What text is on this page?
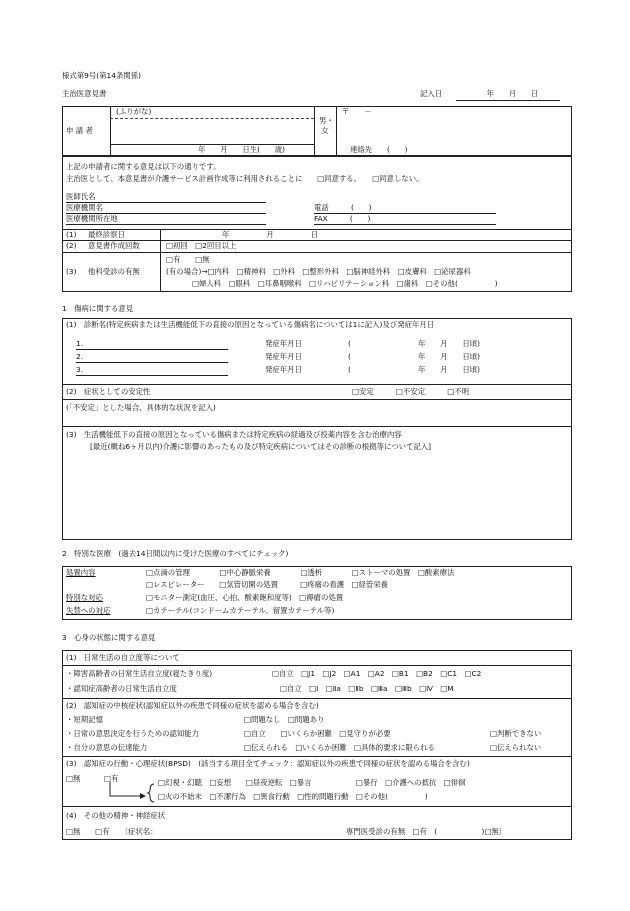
様式第9号(第14条関係)
主治医意見書	記入日　　　　　　年　　月　　日
(ふりがな)
申 請 者
年　　月　　日生(　　歳)
男・女
〒　　－
連絡先　　(　　)
上記の申請者に関する意見は以下の通りです。
主治医として、本意見書が介護サービス計画作成等に利用されることに　　□同意する。　　□同意しない。
医師氏名
医療機関名
医療機関所在地
電話　　　(　　)
FAX　　　(　　)
(1) 最終診察日	年　　　　　月　　　　　日
(2) 意見書作成回数	□初回　□2回目以上
(3) 他科受診の有無
□有　　□無
(有の場合)→□内科　□精神科　□外科　□整形外科　□脳神経外科　□皮膚科　□泌尿器科
□婦人科　□眼科　□耳鼻咽喉科　□リハビリテーション科　□歯科　□その他(　　　　　)
1　傷病に関する意見
(1)　診断名(特定疾病または生活機能低下の直接の原因となっている傷病名については1に記入)及び発症年月日
1.	発症年月日	(	年　　月　　日頃)
2.	発症年月日	(	年　　月　　日頃)
3.	発症年月日	(	年　　月　　日頃)
(2)　症状としての安定性	□安定　　　□不安定　　　□不明
(「不安定」とした場合、具体的な状況を記入)
(3)　生活機能低下の直接の原因となっている傷病または特定疾病の経過及び投薬内容を含む治療内容
[最近(概ね6ヶ月以内)介護に影響のあったもの及び特定疾病についてはその診断の根拠等について記入]
2　特別な医療　(過去14日間以内に受けた医療のすべてにチェック)
処置内容	□点滴の管理　　　　□中心静脈栄養　　　　□透析　　　　□ストーマの処置　□酸素療法
□レスピレーター　　□気管切開の処置　　　□疼痛の看護　□経管栄養
特別な対応	□モニター測定(血圧、心拍、酸素飽和度等)　□褥瘡の処置
失禁への対応	□カテーテル(コンドームカテーテル、留置カテーテル等)
3　心身の状態に関する意見
(1)　日常生活の自立度等について
・障害高齢者の日常生活自立度(寝たきり度)	□自立　□J1　□J2　□A1　□A2　□B1　□B2　□C1　□C2
・認知症高齢者の日常生活自立度	□自立　□Ⅰ　□Ⅱa　□Ⅱb　□Ⅲa　□Ⅲb　□Ⅳ　□M
(2)　認知症の中核症状(認知症以外の疾患で同様の症状を認める場合を含む)
・短期記憶	□問題なし　□問題あり
・日常の意思決定を行うための認知能力	□自立　　□いくらか困難　□見守りが必要	□判断できない
・自分の意思の伝達能力	□伝えられる　□いくらか困難　□具体的要求に限られる	□伝えられない
(3)　認知症の行動・心理症状(BPSD)　(該当する項目全てチェック：認知症以外の疾患で同様の症状を認める場合を含む)
□無	□有	□幻視・幻聴　□妄想　　□昼夜逆転　□暴言　　　　　　□暴行　□介護への抵抗　□徘徊
□火の不始末　□不潔行為　□異食行動　□性的問題行動　□その他(　　　　　)
(4)　その他の精神・神経症状
□無　　□有　　〔症状名：	専門医受診の有無　□有　(　　　　　　)□無〕
